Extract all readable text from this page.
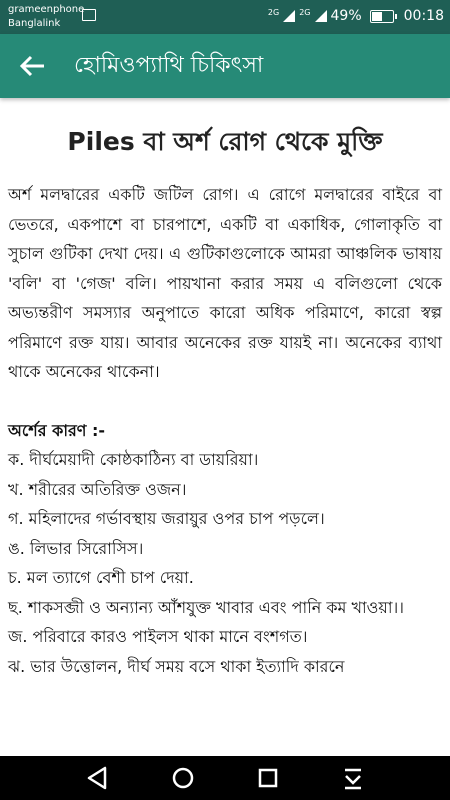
grameenphone
Banglalink
2G	2G 49%	00:18
হোমিওপ্যাথি চিকিৎসা
Piles বা অর্শ রোগ থেকে মুক্তি

অর্শ মলদ্বারের একটি জটিল রোগ। এ রোগে মলদ্বারের বাইরে বা ভেতরে, একপাশে বা চারপাশে, একটি বা একাধিক, গোলাকৃতি বা সুচাল গুটিকা দেখা দেয়। এ গুটিকাগুলোকে আমরা আঞ্চলিক ভাষায় 'বলি' বা 'গেজ' বলি। পায়খানা করার সময় এ বলিগুলো থেকে অভ্যন্তরীণ সমস্যার অনুপাতে কারো অধিক পরিমাণে, কারো স্বল্প পরিমাণে রক্ত যায়। আবার অনেকের রক্ত যায়ই না। অনেকের ব্যাথা থাকে অনেকের থাকেনা।

অর্শের কারণ :-
ক. দীর্ঘমেয়াদী কোষ্ঠকাঠিন্য বা ডায়রিয়া।
খ. শরীরের অতিরিক্ত ওজন।
গ. মহিলাদের গর্ভাবস্থায় জরায়ুর ওপর চাপ পড়লে।
ঙ. লিভার সিরোসিস।
চ. মল ত্যাগে বেশী চাপ দেয়া.
ছ. শাকসব্জী ও অন্যান্য আঁশযুক্ত খাবার এবং পানি কম খাওয়া।।
জ. পরিবারে কারও পাইলস থাকা মানে বংশগত।
ঝ. ভার উত্তোলন, দীর্ঘ সময় বসে থাকা ইত্যাদি কারনে
